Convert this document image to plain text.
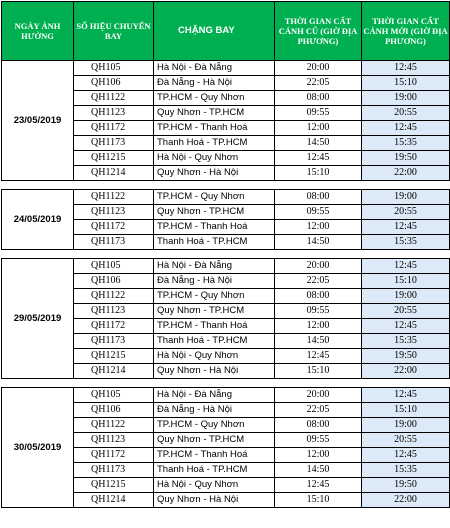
NGÀY ẢNH HƯỞNG	SỐ HIỆU CHUYẾN BAY	CHẶNG BAY	THỜI GIAN CẤT CÁNH CŨ (GIỜ ĐỊA PHƯƠNG)	THỜI GIAN CẤT CÁNH MỚI (GIỜ ĐỊA PHƯƠNG)
23/05/2019	QH105	Hà Nội - Đà Nẵng	20:00	12:45
	QH106	Đà Nẵng - Hà Nội	22:05	15:10
	QH1122	TP.HCM - Quy Nhơn	08:00	19:00
	QH1123	Quy Nhơn - TP.HCM	09:55	20:55
	QH1172	TP.HCM - Thanh Hoá	12:00	12:45
	QH1173	Thanh Hoá - TP.HCM	14:50	15:35
	QH1215	Hà Nội - Quy Nhơn	12:45	19:50
	QH1214	Quy Nhơn - Hà Nội	15:10	22:00

24/05/2019	QH1122	TP.HCM - Quy Nhơn	08:00	19:00
	QH1123	Quy Nhơn - TP.HCM	09:55	20:55
	QH1172	TP.HCM - Thanh Hoá	12:00	12:45
	QH1173	Thanh Hoá - TP.HCM	14:50	15:35

29/05/2019	QH105	Hà Nội - Đà Nẵng	20:00	12:45
	QH106	Đà Nẵng - Hà Nội	22:05	15:10
	QH1122	TP.HCM - Quy Nhơn	08:00	19:00
	QH1123	Quy Nhơn - TP.HCM	09:55	20:55
	QH1172	TP.HCM - Thanh Hoá	12:00	12:45
	QH1173	Thanh Hoá - TP.HCM	14:50	15:35
	QH1215	Hà Nội - Quy Nhơn	12:45	19:50
	QH1214	Quy Nhơn - Hà Nội	15:10	22:00

30/05/2019	QH105	Hà Nội - Đà Nẵng	20:00	12:45
	QH106	Đà Nẵng - Hà Nội	22:05	15:10
	QH1122	TP.HCM - Quy Nhơn	08:00	19:00
	QH1123	Quy Nhơn - TP.HCM	09:55	20:55
	QH1172	TP.HCM - Thanh Hoá	12:00	12:45
	QH1173	Thanh Hoá - TP.HCM	14:50	15:35
	QH1215	Hà Nội - Quy Nhơn	12:45	19:50
	QH1214	Quy Nhơn - Hà Nội	15:10	22:00
